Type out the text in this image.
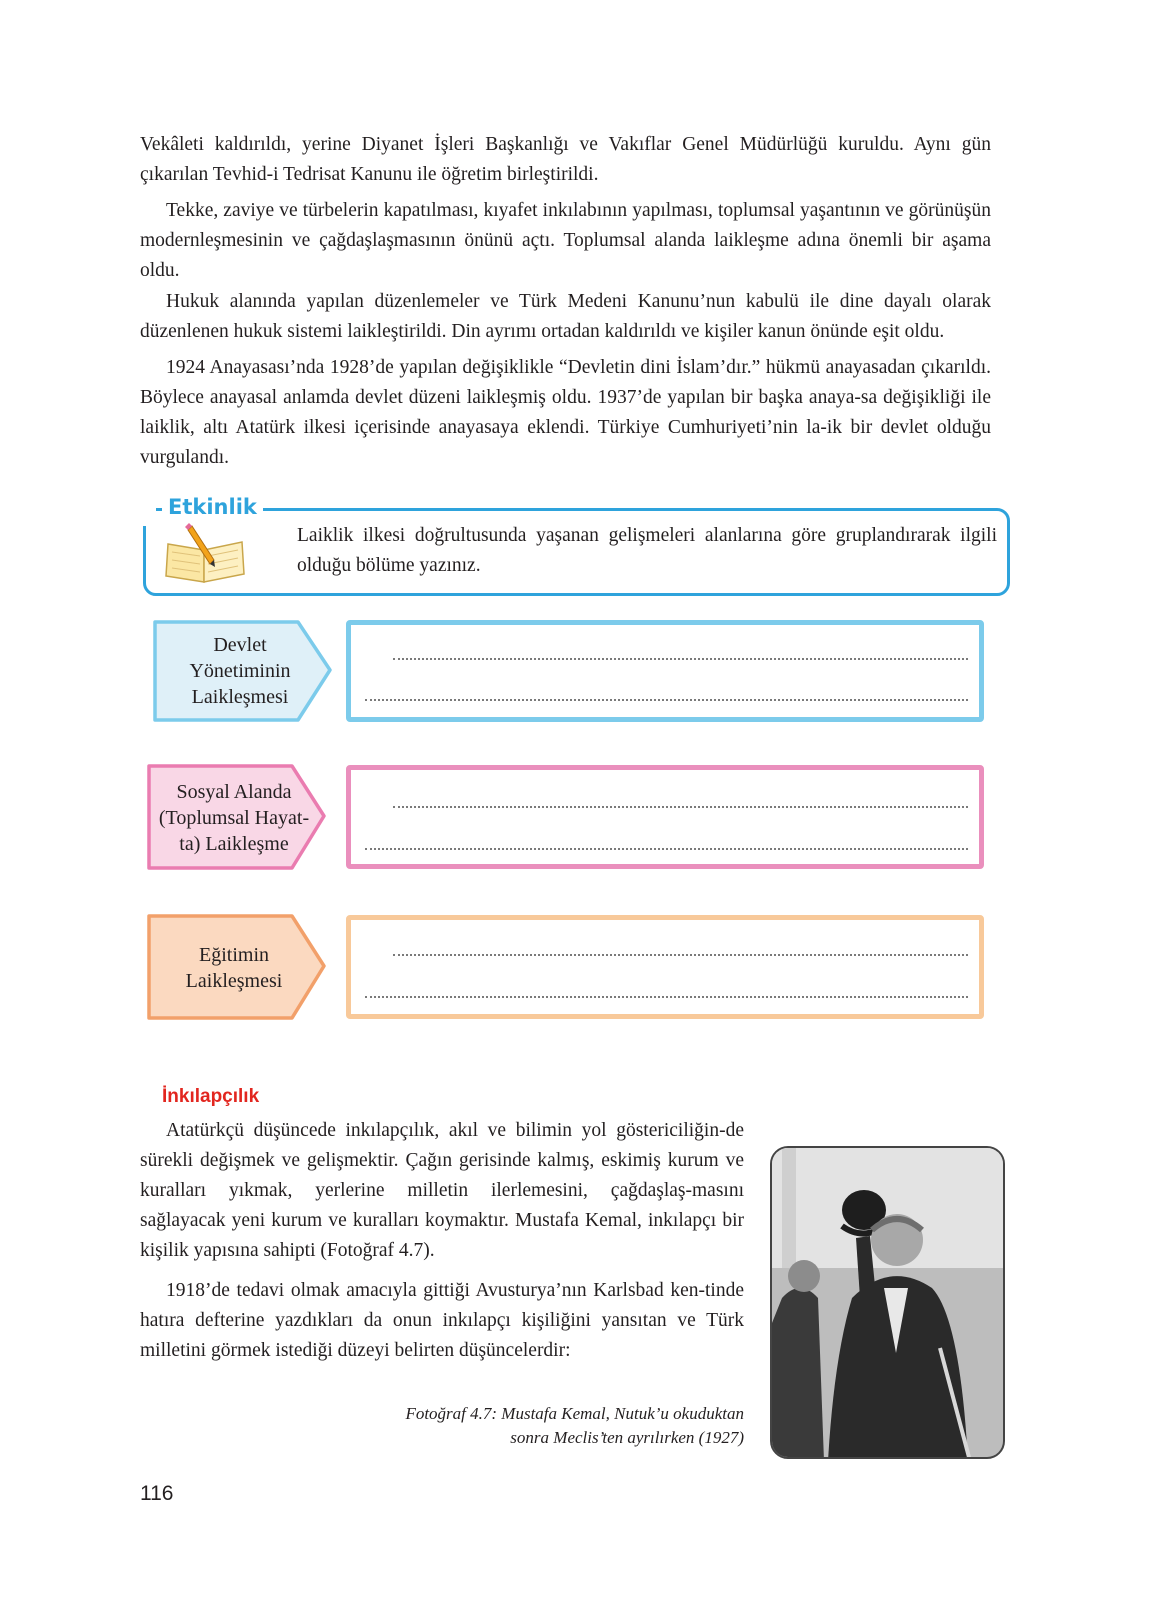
Vekâleti kaldırıldı, yerine Diyanet İşleri Başkanlığı ve Vakıflar Genel Müdürlüğü kuruldu. Aynı gün çıkarılan Tevhid-i Tedrisat Kanunu ile öğretim birleştirildi.

Tekke, zaviye ve türbelerin kapatılması, kıyafet inkılabının yapılması, toplumsal yaşantının ve görünüşün modernleşmesinin ve çağdaşlaşmasının önünü açtı. Toplumsal alanda laikleşme adına önemli bir aşama oldu.

Hukuk alanında yapılan düzenlemeler ve Türk Medeni Kanunu’nun kabulü ile dine dayalı olarak düzenlenen hukuk sistemi laikleştirildi. Din ayrımı ortadan kaldırıldı ve kişiler kanun önünde eşit oldu.

1924 Anayasası’nda 1928’de yapılan değişiklikle “Devletin dini İslam’dır.” hükmü anayasadan çıkarıldı. Böylece anayasal anlamda devlet düzeni laikleşmiş oldu. 1937’de yapılan bir başka anaya-sa değişikliği ile laiklik, altı Atatürk ilkesi içerisinde anayasaya eklendi. Türkiye Cumhuriyeti’nin la-ik bir devlet olduğu vurgulandı.

Etkinlik

Laiklik ilkesi doğrultusunda yaşanan gelişmeleri alanlarına göre gruplandırarak ilgili olduğu bölüme yazınız.

Devlet
Yönetiminin
Laikleşmesi
Sosyal Alanda
(Toplumsal Hayat-
ta) Laikleşme
Eğitimin
Laikleşmesi
İnkılapçılık

Atatürkçü düşüncede inkılapçılık, akıl ve bilimin yol göstericiliğin-de sürekli değişmek ve gelişmektir. Çağın gerisinde kalmış, eskimiş kurum ve kuralları yıkmak, yerlerine milletin ilerlemesini, çağdaşlaş-masını sağlayacak yeni kurum ve kuralları koymaktır. Mustafa Kemal, inkılapçı bir kişilik yapısına sahipti (Fotoğraf 4.7).

1918’de tedavi olmak amacıyla gittiği Avusturya’nın Karlsbad ken-tinde hatıra defterine yazdıkları da onun inkılapçı kişiliğini yansıtan ve Türk milletini görmek istediği düzeyi belirten düşüncelerdir:

Fotoğraf 4.7: Mustafa Kemal, Nutuk’u okuduktan
sonra Meclis’ten ayrılırken (1927)

116
